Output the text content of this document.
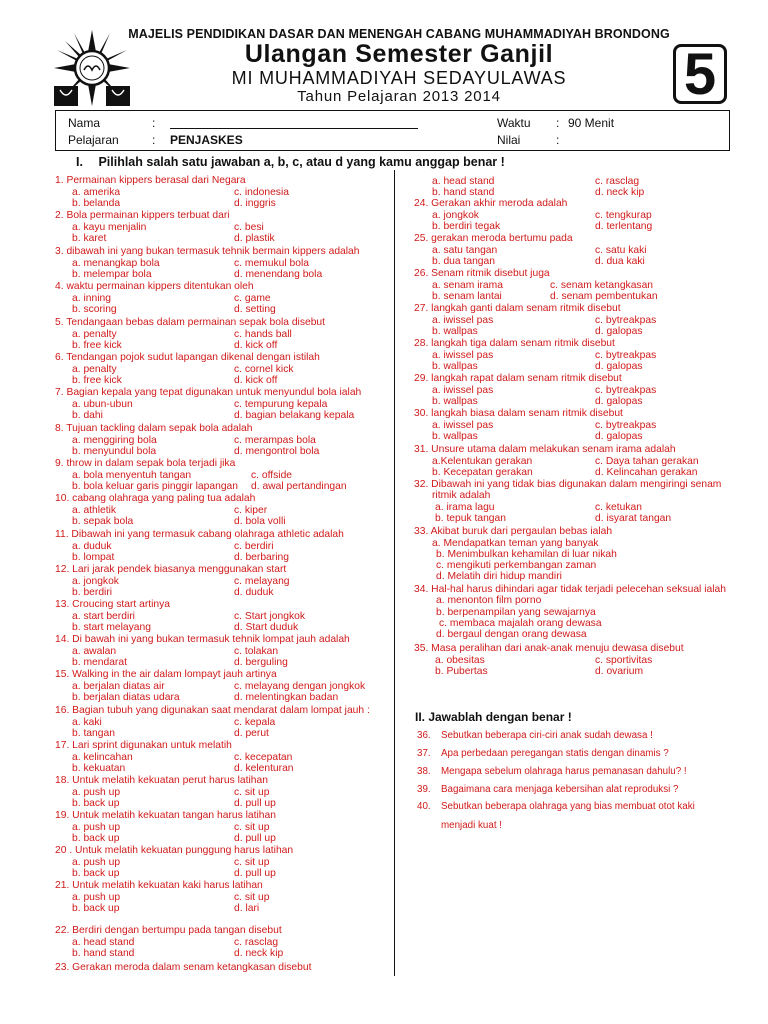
MAJELIS PENDIDIKAN DASAR DAN MENENGAH CABANG MUHAMMADIYAH BRONDONG
Ulangan Semester Ganjil
MI MUHAMMADIYAH SEDAYULAWAS
Tahun Pelajaran 2013 2014	5
Nama	:
Pelajaran	: PENJASKES
Waktu : 90 Menit
Nilai	:
I. Pilihlah salah satu jawaban a, b, c, atau d yang kamu anggap benar !
1. Permainan kippers berasal dari Negara
a. amerika
b. belanda
c. indonesia
d. inggris
2. Bola permainan kippers terbuat dari
a. kayu menjalin
b. karet
c. besi
d. plastik
3. dibawah ini yang bukan termasuk tehnik bermain kippers adalah
a. menangkap bola
b. melempar bola
c. memukul bola
d. menendang bola
4. waktu permainan kippers ditentukan oleh
a. inning
b. scoring
c. game
d. setting
5. Tendangaan bebas dalam permainan sepak bola disebut
a. penalty
b. free kick
c. hands ball
d. kick off
6. Tendangan pojok sudut lapangan dikenal dengan istilah
a. penalty
b. free kick
c. cornel kick
d. kick off
7. Bagian kepala yang tepat digunakan untuk menyundul bola ialah
a. ubun-ubun
b. dahi
c. tempurung kepala
d. bagian belakang kepala
8. Tujuan tackling dalam sepak bola adalah
a. menggiring bola
b. menyundul bola
c. merampas bola
d. mengontrol bola
9. throw in dalam sepak bola terjadi jika
a. bola menyentuh tangan
b. bola keluar garis pinggir lapangan
c. offside
d. awal pertandingan
10. cabang olahraga yang paling tua adalah
a. athletik
b. sepak bola
c. kiper
d. bola volli
11. Dibawah ini yang termasuk cabang olahraga athletic adalah
a. duduk
b. lompat
c. berdiri
d. berbaring
12. Lari jarak pendek biasanya menggunakan start
a. jongkok
b. berdiri
c. melayang
d. duduk
13. Croucing start artinya
a. start berdiri
b. start melayang
c. Start jongkok
d. Start duduk
14. Di bawah ini yang bukan termasuk tehnik lompat jauh adalah
a. awalan
b. mendarat
c. tolakan
d. berguling
15. Walking in the air dalam lompayt jauh artinya
a. berjalan diatas air
b. berjalan diatas udara
c. melayang dengan jongkok
d. melentingkan badan
16. Bagian tubuh yang digunakan saat mendarat dalam lompat jauh :
a. kaki
b. tangan
c. kepala
d. perut
17. Lari sprint digunakan untuk melatih
a. kelincahan
b. kekuatan
c. kecepatan
d. kelenturan
18. Untuk melatih kekuatan perut harus latihan
a. push up
b. back up
c. sit up
d. pull up
19. Untuk melatih kekuatan tangan harus latihan
a. push up
b. back up
c. sit up
d. pull up
20 . Untuk melatih kekuatan punggung harus latihan
a. push up
b. back up
c. sit up
d. pull up
21. Untuk melatih kekuatan kaki harus latihan
a. push up
b. back up
c. sit up
d. lari
22. Berdiri dengan bertumpu pada tangan disebut
a. head stand
b. hand stand
c. rasclag
d. neck kip
23. Gerakan meroda dalam senam ketangkasan disebut
a. head stand
b. hand stand
c. rasclag
d. neck kip
24. Gerakan akhir meroda adalah
a. jongkok
b. berdiri tegak
c. tengkurap
d. terlentang
25. gerakan meroda bertumu pada
a. satu tangan
b. dua tangan
c. satu kaki
d. dua kaki
26. Senam ritmik disebut juga
a. senam irama
b. senam lantai
c. senam ketangkasan
d. senam pembentukan
27. langkah ganti dalam senam ritmik disebut
a. iwissel pas
b. wallpas
c. bytreakpas
d. galopas
28. langkah tiga dalam senam ritmik disebut
a. iwissel pas
b. wallpas
c. bytreakpas
d. galopas
29. langkah rapat dalam senam ritmik disebut
a. iwissel pas
b. wallpas
c. bytreakpas
d. galopas
30. langkah biasa dalam senam ritmik disebut
a. iwissel pas
b. wallpas
c. bytreakpas
d. galopas
31. Unsure utama dalam melakukan senam irama adalah
a.Kelentukan gerakan
b. Kecepatan gerakan
c. Daya tahan gerakan
d. Kelincahan gerakan
32. Dibawah ini yang tidak bias digunakan dalam mengiringi senam
ritmik adalah
a. irama lagu
b. tepuk tangan
c. ketukan
d. isyarat tangan
33. Akibat buruk dari pergaulan bebas ialah
a. Mendapatkan teman yang banyak
b. Menimbulkan kehamilan di luar nikah
c. mengikuti perkembangan zaman
d. Melatih diri hidup mandiri
34. Hal-hal harus dihindari agar tidak terjadi pelecehan seksual ialah
a. menonton film porno
b. berpenampilan yang sewajarnya
c. membaca majalah orang dewasa
d. bergaul dengan orang dewasa
35. Masa peralihan dari anak-anak menuju dewasa disebut
a. obesitas
b. Pubertas
c. sportivitas
d. ovarium
II. Jawablah dengan benar !
36. Sebutkan beberapa ciri-ciri anak sudah dewasa !
37. Apa perbedaan peregangan statis dengan dinamis ?
38. Mengapa sebelum olahraga harus pemanasan dahulu? !
39. Bagaimana cara menjaga kebersihan alat reproduksi ?
40. Sebutkan beberapa olahraga yang bias membuat otot kaki
menjadi kuat !
